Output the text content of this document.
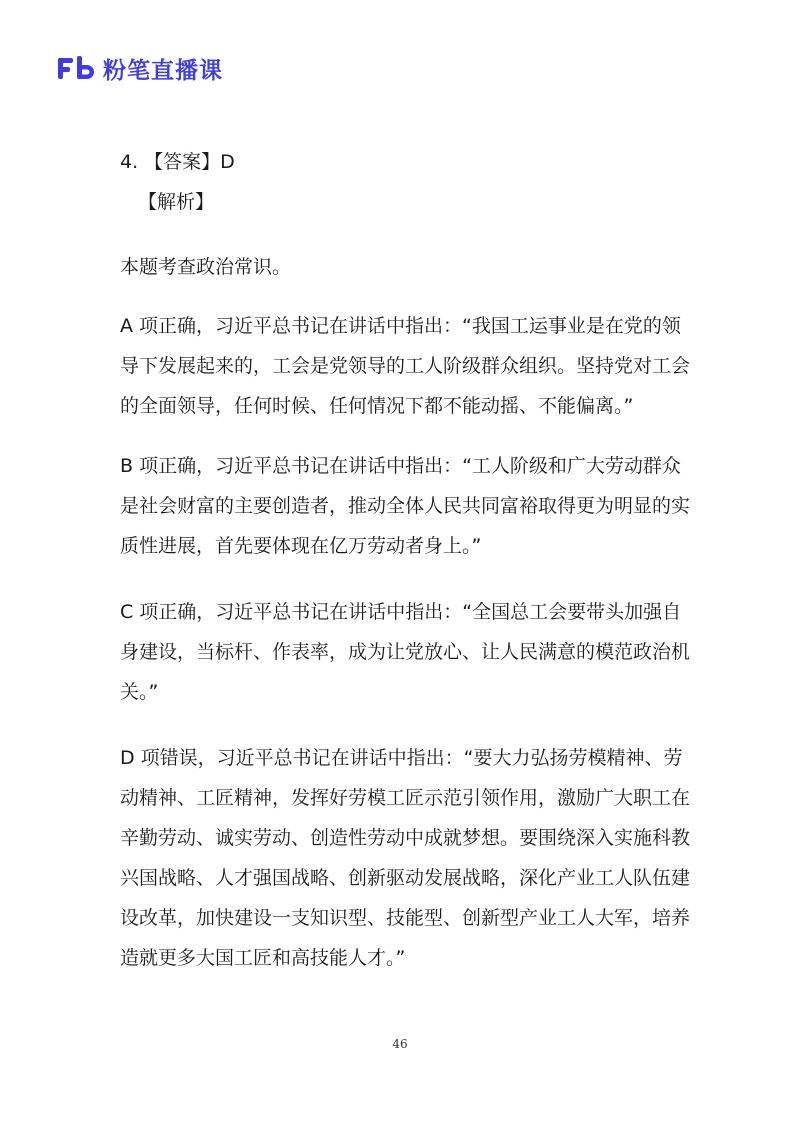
粉笔直播课
4. 【答案】D
【解析】
本题考查政治常识。
A 项正确，习近平总书记在讲话中指出：“我国工运事业是在党的领
导下发展起来的，工会是党领导的工人阶级群众组织。坚持党对工会
的全面领导，任何时候、任何情况下都不能动摇、不能偏离。”
B 项正确，习近平总书记在讲话中指出：“工人阶级和广大劳动群众
是社会财富的主要创造者，推动全体人民共同富裕取得更为明显的实
质性进展，首先要体现在亿万劳动者身上。”
C 项正确，习近平总书记在讲话中指出：“全国总工会要带头加强自
身建设，当标杆、作表率，成为让党放心、让人民满意的模范政治机
关。”
D 项错误，习近平总书记在讲话中指出：“要大力弘扬劳模精神、劳
动精神、工匠精神，发挥好劳模工匠示范引领作用，激励广大职工在
辛勤劳动、诚实劳动、创造性劳动中成就梦想。要围绕深入实施科教
兴国战略、人才强国战略、创新驱动发展战略，深化产业工人队伍建
设改革，加快建设一支知识型、技能型、创新型产业工人大军，培养
造就更多大国工匠和高技能人才。”
46
